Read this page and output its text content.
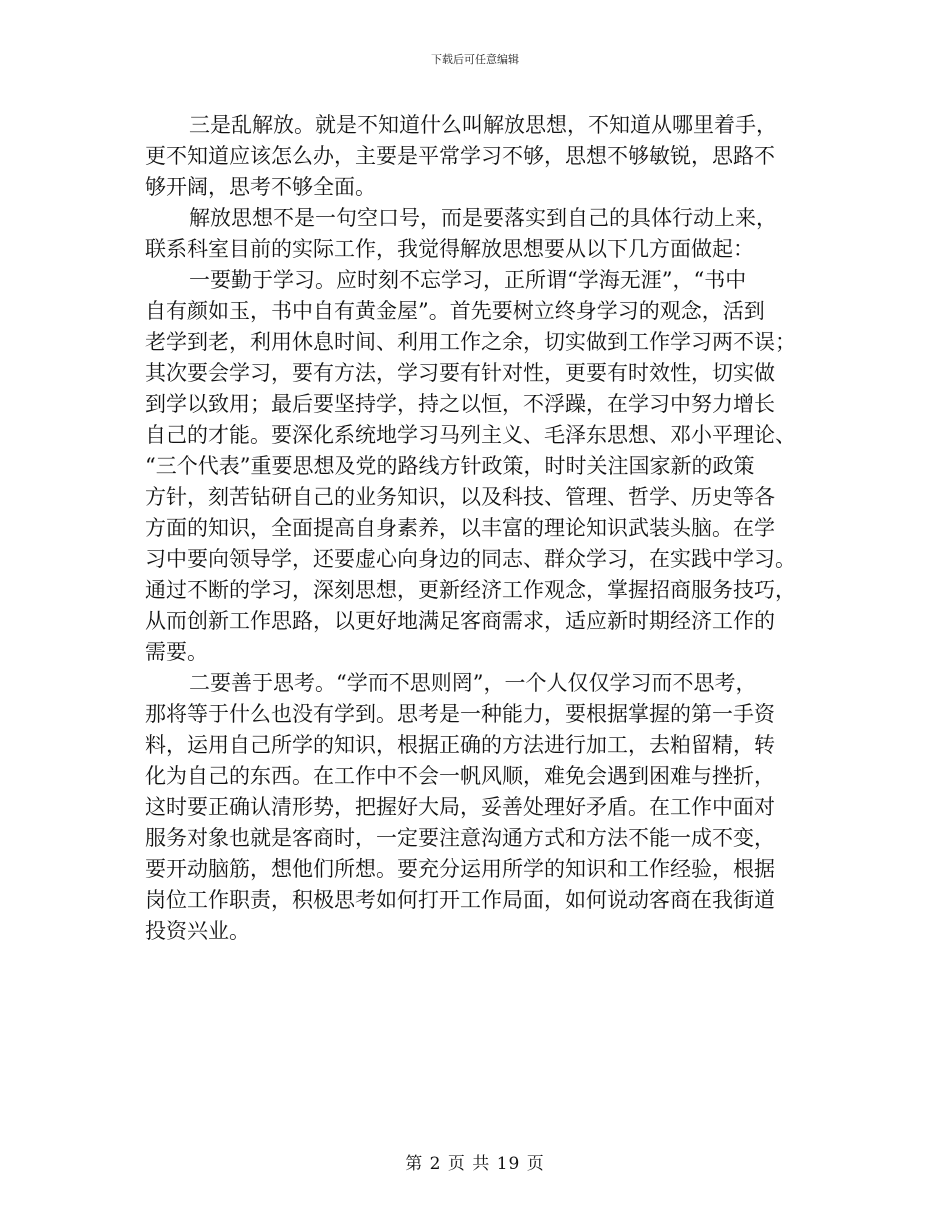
下载后可任意编辑
三是乱解放。就是不知道什么叫解放思想，不知道从哪里着手，
更不知道应该怎么办，主要是平常学习不够，思想不够敏锐，思路不
够开阔，思考不够全面。
解放思想不是一句空口号，而是要落实到自己的具体行动上来，
联系科室目前的实际工作，我觉得解放思想要从以下几方面做起：
一要勤于学习。应时刻不忘学习，正所谓“学海无涯”，“书中
自有颜如玉，书中自有黄金屋”。首先要树立终身学习的观念，活到
老学到老，利用休息时间、利用工作之余，切实做到工作学习两不误；
其次要会学习，要有方法，学习要有针对性，更要有时效性，切实做
到学以致用；最后要坚持学，持之以恒，不浮躁，在学习中努力增长
自己的才能。要深化系统地学习马列主义、毛泽东思想、邓小平理论、
“三个代表”重要思想及党的路线方针政策，时时关注国家新的政策
方针，刻苦钻研自己的业务知识，以及科技、管理、哲学、历史等各
方面的知识，全面提高自身素养，以丰富的理论知识武装头脑。在学
习中要向领导学，还要虚心向身边的同志、群众学习，在实践中学习。
通过不断的学习，深刻思想，更新经济工作观念，掌握招商服务技巧，
从而创新工作思路，以更好地满足客商需求，适应新时期经济工作的
需要。
二要善于思考。“学而不思则罔”，一个人仅仅学习而不思考，
那将等于什么也没有学到。思考是一种能力，要根据掌握的第一手资
料，运用自己所学的知识，根据正确的方法进行加工，去粕留精，转
化为自己的东西。在工作中不会一帆风顺，难免会遇到困难与挫折，
这时要正确认清形势，把握好大局，妥善处理好矛盾。在工作中面对
服务对象也就是客商时，一定要注意沟通方式和方法不能一成不变，
要开动脑筋，想他们所想。要充分运用所学的知识和工作经验，根据
岗位工作职责，积极思考如何打开工作局面，如何说动客商在我街道
投资兴业。
第 2 页 共 19 页
